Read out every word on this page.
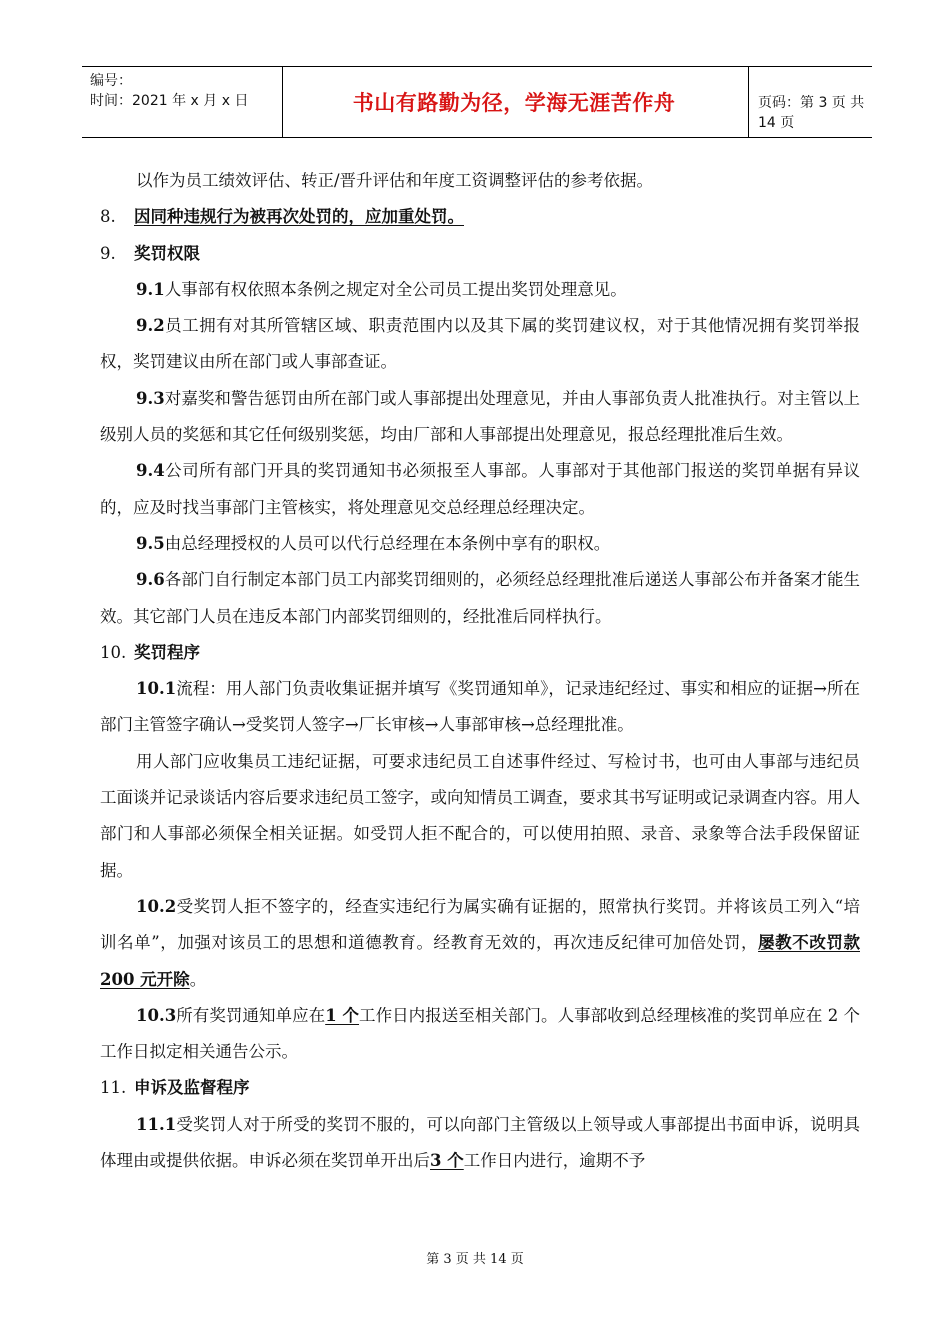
编号：
时间：2021 年 x 月 x 日	书山有路勤为径，学海无涯苦作舟	页码：第 3 页 共 14 页

以作为员工绩效评估、转正/晋升评估和年度工资调整评估的参考依据。

8. 因同种违规行为被再次处罚的，应加重处罚。

9. 奖罚权限

9.1人事部有权依照本条例之规定对全公司员工提出奖罚处理意见。

9.2员工拥有对其所管辖区域、职责范围内以及其下属的奖罚建议权，对于其他情况拥有奖罚举报权，奖罚建议由所在部门或人事部查证。

9.3对嘉奖和警告惩罚由所在部门或人事部提出处理意见，并由人事部负责人批准执行。对主管以上级别人员的奖惩和其它任何级别奖惩，均由厂部和人事部提出处理意见，报总经理批准后生效。

9.4公司所有部门开具的奖罚通知书必须报至人事部。人事部对于其他部门报送的奖罚单据有异议的，应及时找当事部门主管核实，将处理意见交总经理总经理决定。

9.5由总经理授权的人员可以代行总经理在本条例中享有的职权。

9.6各部门自行制定本部门员工内部奖罚细则的，必须经总经理批准后递送人事部公布并备案才能生效。其它部门人员在违反本部门内部奖罚细则的，经批准后同样执行。

10. 奖罚程序

10.1流程：用人部门负责收集证据并填写《奖罚通知单》，记录违纪经过、事实和相应的证据→所在部门主管签字确认→受奖罚人签字→厂长审核→人事部审核→总经理批准。

用人部门应收集员工违纪证据，可要求违纪员工自述事件经过、写检讨书，也可由人事部与违纪员工面谈并记录谈话内容后要求违纪员工签字，或向知情员工调查，要求其书写证明或记录调查内容。用人部门和人事部必须保全相关证据。如受罚人拒不配合的，可以使用拍照、录音、录象等合法手段保留证据。

10.2受奖罚人拒不签字的，经查实违纪行为属实确有证据的，照常执行奖罚。并将该员工列入“培训名单”，加强对该员工的思想和道德教育。经教育无效的，再次违反纪律可加倍处罚，屡教不改罚款 200 元开除。

10.3所有奖罚通知单应在1 个工作日内报送至相关部门。人事部收到总经理核准的奖罚单应在 2 个工作日拟定相关通告公示。

11. 申诉及监督程序

11.1受奖罚人对于所受的奖罚不服的，可以向部门主管级以上领导或人事部提出书面申诉，说明具体理由或提供依据。申诉必须在奖罚单开出后3 个工作日内进行，逾期不予

第 3 页 共 14 页
